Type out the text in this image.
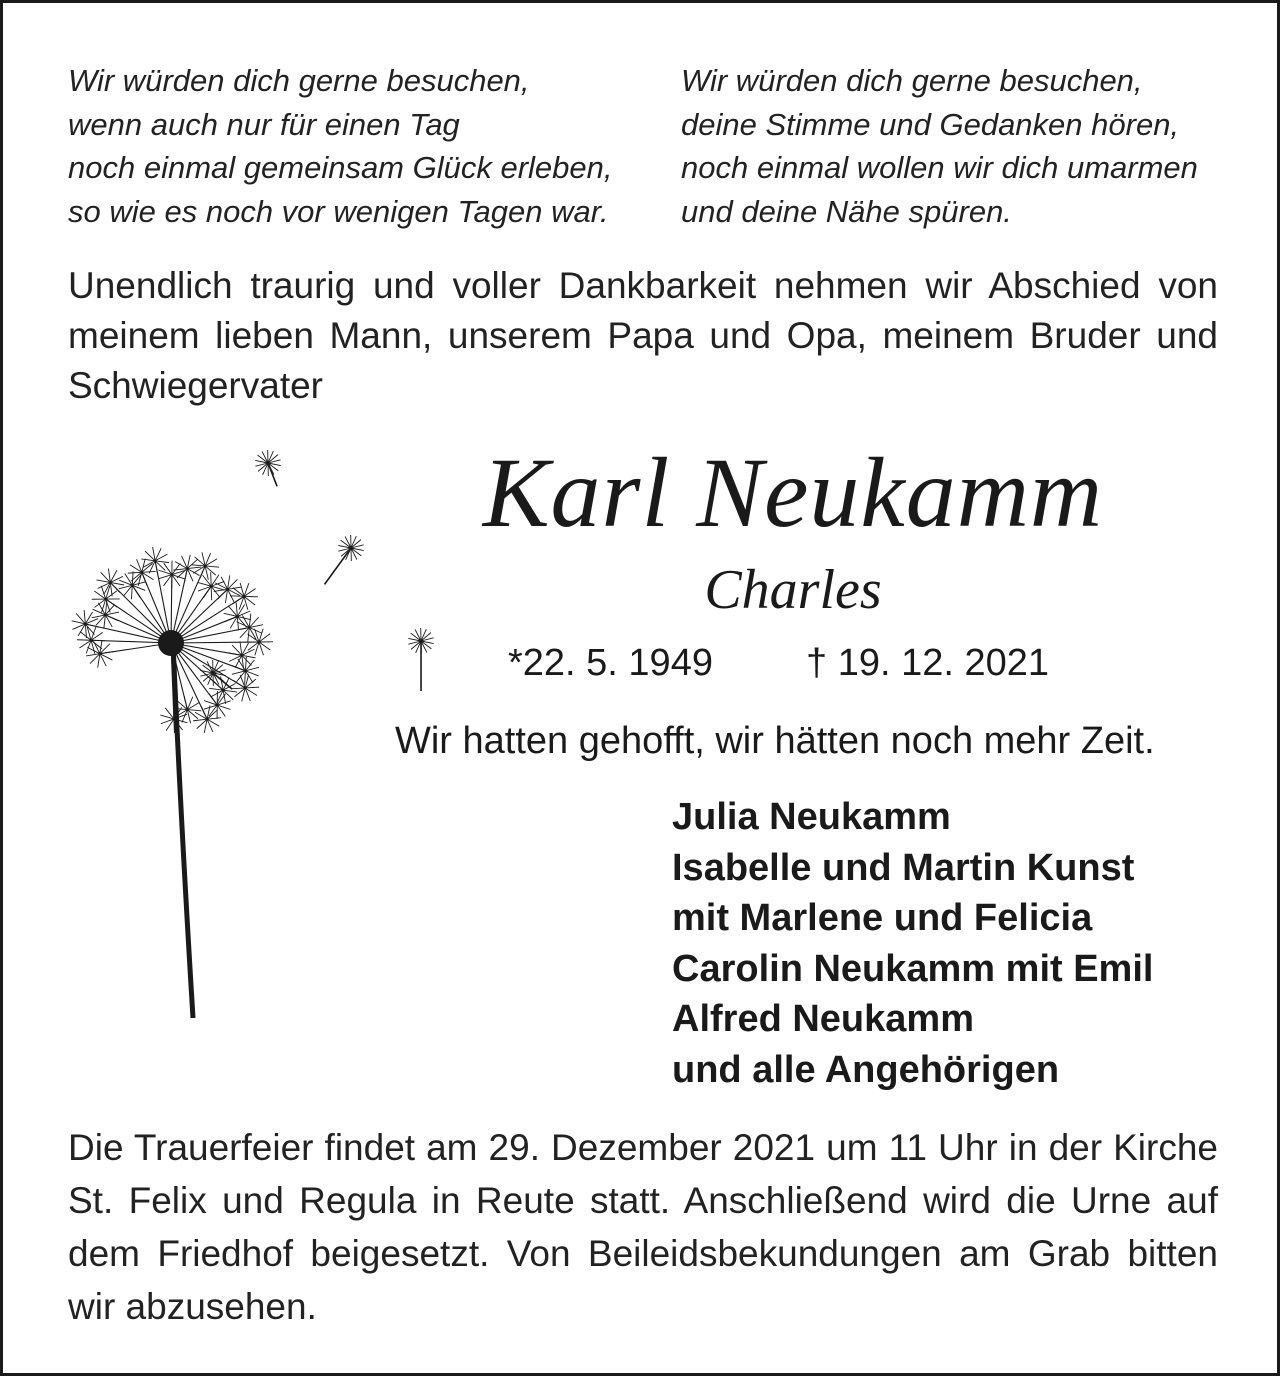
Wir würden dich gerne besuchen,
wenn auch nur für einen Tag
noch einmal gemeinsam Glück erleben,
so wie es noch vor wenigen Tagen war.
Wir würden dich gerne besuchen,
deine Stimme und Gedanken hören,
noch einmal wollen wir dich umarmen
und deine Nähe spüren.
Unendlich traurig und voller Dankbarkeit nehmen wir Abschied von meinem lieben Mann, unserem Papa und Opa, meinem Bruder und Schwiegervater
Karl Neukamm
Charles
*22. 5. 1949 † 19. 12. 2021
Wir hatten gehofft, wir hätten noch mehr Zeit.
Julia Neukamm
Isabelle und Martin Kunst
mit Marlene und Felicia
Carolin Neukamm mit Emil
Alfred Neukamm
und alle Angehörigen
Die Trauerfeier findet am 29. Dezember 2021 um 11 Uhr in der Kirche St. Felix und Regula in Reute statt. Anschließend wird die Urne auf dem Friedhof beigesetzt. Von Beileidsbekundungen am Grab bitten wir abzusehen.
